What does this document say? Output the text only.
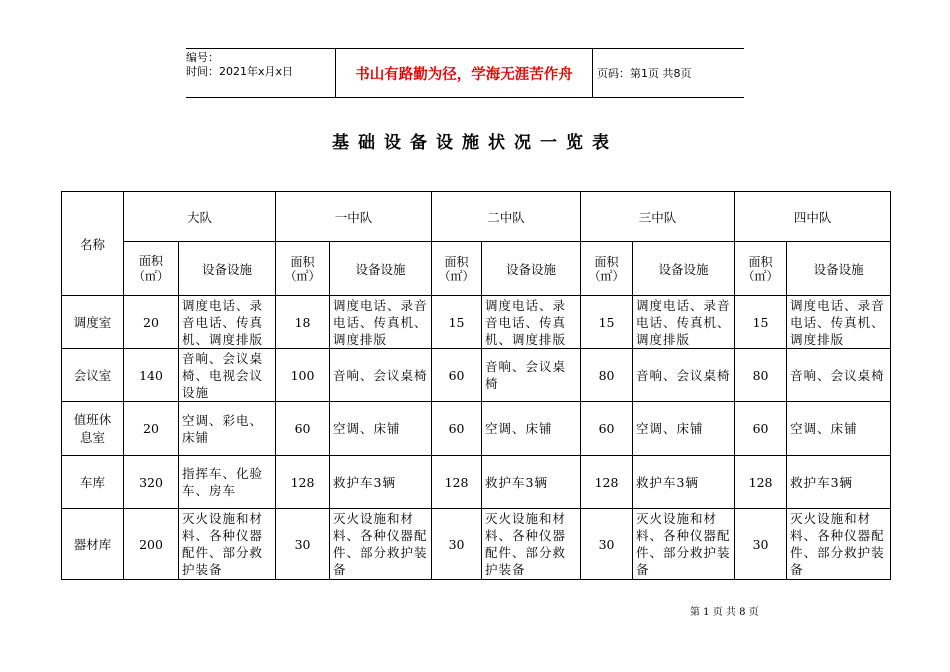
编号：
时间：2021年x月x日	书山有路勤为径，学海无涯苦作舟	页码：第1页 共8页
基础设备设施状况一览表
名称	大队		一中队		二中队		三中队		四中队	
	面积（㎡）	设备设施	面积（㎡）	设备设施	面积（㎡）	设备设施	面积（㎡）	设备设施	面积（㎡）	设备设施
调度室	20	调度电话、录音电话、传真机、调度排版	18	调度电话、录音电话、传真机、调度排版	15	调度电话、录音电话、传真机、调度排版	15	调度电话、录音电话、传真机、调度排版	15	调度电话、录音电话、传真机、调度排版
会议室	140	音响、会议桌椅、电视会议设施	100	音响、会议桌椅	60	音响、会议桌椅	80	音响、会议桌椅	80	音响、会议桌椅
值班休息室	20	空调、彩电、床铺	60	空调、床铺	60	空调、床铺	60	空调、床铺	60	空调、床铺
车库	320	指挥车、化验车、房车	128	救护车3辆	128	救护车3辆	128	救护车3辆	128	救护车3辆
器材库	200	灭火设施和材料、各种仪器配件、部分救护装备	30	灭火设施和材料、各种仪器配件、部分救护装备	30	灭火设施和材料、各种仪器配件、部分救护装备	30	灭火设施和材料、各种仪器配件、部分救护装备	30	灭火设施和材料、各种仪器配件、部分救护装备
第 1 页 共 8 页
